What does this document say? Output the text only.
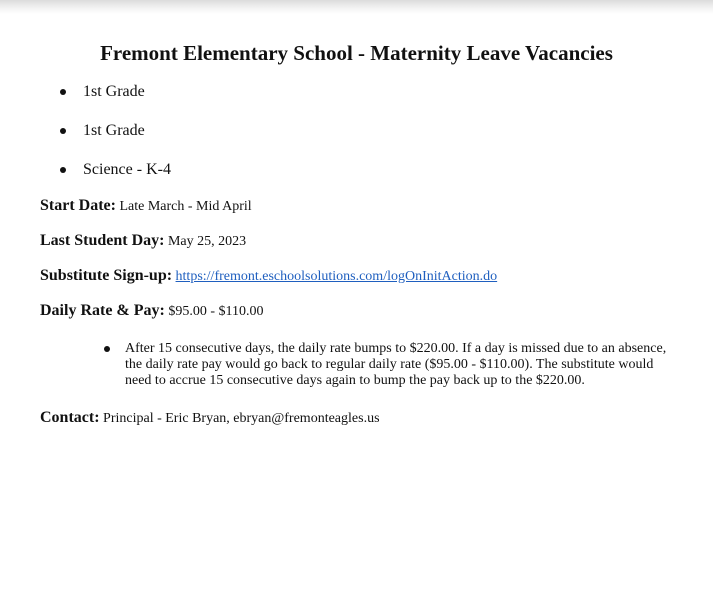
Fremont Elementary School - Maternity Leave Vacancies
1st Grade
1st Grade
Science - K-4
Start Date: Late March - Mid April
Last Student Day: May 25, 2023
Substitute Sign-up: https://fremont.eschoolsolutions.com/logOnInitAction.do
Daily Rate & Pay: $95.00 - $110.00
After 15 consecutive days, the daily rate bumps to $220.00. If a day is missed due to an absence, the daily rate pay would go back to regular daily rate ($95.00 - $110.00). The substitute would need to accrue 15 consecutive days again to bump the pay back up to the $220.00.
Contact: Principal - Eric Bryan, ebryan@fremonteagles.us
